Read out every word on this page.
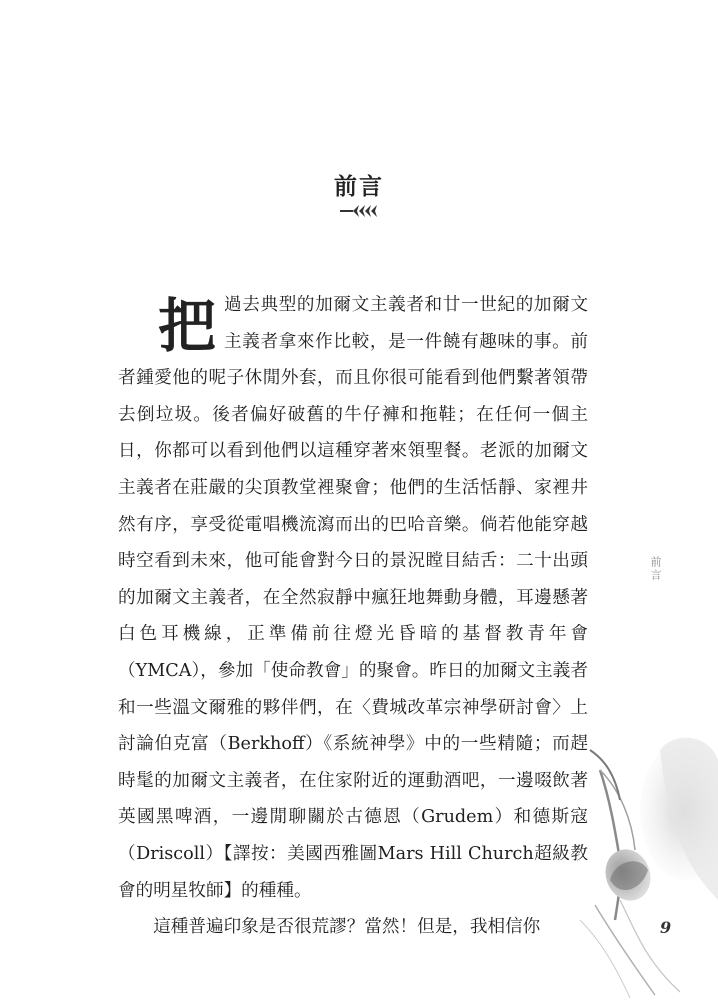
前言

把過去典型的加爾文主義者和廿一世紀的加爾文主義者拿來作比較，是一件饒有趣味的事。前者鍾愛他的呢子休閒外套，而且你很可能看到他們繫著領帶去倒垃圾。後者偏好破舊的牛仔褲和拖鞋；在任何一個主日，你都可以看到他們以這種穿著來領聖餐。老派的加爾文主義者在莊嚴的尖頂教堂裡聚會；他們的生活恬靜、家裡井然有序，享受從電唱機流瀉而出的巴哈音樂。倘若他能穿越時空看到未來，他可能會對今日的景況瞠目結舌：二十出頭的加爾文主義者，在全然寂靜中瘋狂地舞動身體，耳邊懸著白色耳機線，正準備前往燈光昏暗的基督教青年會（YMCA），參加「使命教會」的聚會。昨日的加爾文主義者和一些溫文爾雅的夥伴們，在〈費城改革宗神學研討會〉上討論伯克富（Berkhoff）《系統神學》中的一些精隨；而趕時髦的加爾文主義者，在住家附近的運動酒吧，一邊啜飲著英國黑啤酒，一邊閒聊關於古德恩（Grudem）和德斯寇（Driscoll）【譯按：美國西雅圖Mars Hill Church超級教會的明星牧師】的種種。

這種普遍印象是否很荒謬？當然！但是，我相信你

前言
9
